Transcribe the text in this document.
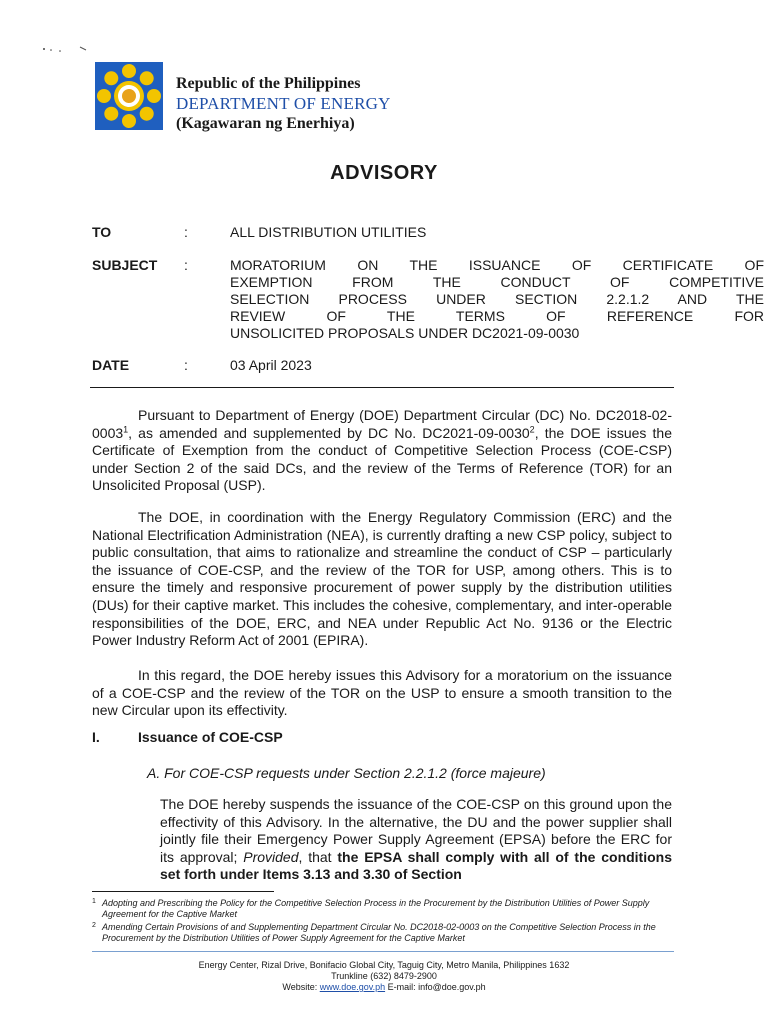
Republic of the Philippines
DEPARTMENT OF ENERGY
(Kagawaran ng Enerhiya)
ADVISORY
TO	:	ALL DISTRIBUTION UTILITIES
SUBJECT	:	MORATORIUM ON THE ISSUANCE OF CERTIFICATE OF
EXEMPTION FROM THE CONDUCT OF COMPETITIVE
SELECTION PROCESS UNDER SECTION 2.2.1.2 AND THE
REVIEW OF THE TERMS OF REFERENCE FOR
UNSOLICITED PROPOSALS UNDER DC2021-09-0030
DATE	:	03 April 2023
Pursuant to Department of Energy (DOE) Department Circular (DC) No. DC2018-02-0003$^1$, as amended and supplemented by DC No. DC2021-09-0030$^2$, the DOE issues the Certificate of Exemption from the conduct of Competitive Selection Process (COE-CSP) under Section 2 of the said DCs, and the review of the Terms of Reference (TOR) for an Unsolicited Proposal (USP).
The DOE, in coordination with the Energy Regulatory Commission (ERC) and the National Electrification Administration (NEA), is currently drafting a new CSP policy, subject to public consultation, that aims to rationalize and streamline the conduct of CSP – particularly the issuance of COE-CSP, and the review of the TOR for USP, among others. This is to ensure the timely and responsive procurement of power supply by the distribution utilities (DUs) for their captive market. This includes the cohesive, complementary, and inter-operable responsibilities of the DOE, ERC, and NEA under Republic Act No. 9136 or the Electric Power Industry Reform Act of 2001 (EPIRA).
In this regard, the DOE hereby issues this Advisory for a moratorium on the issuance of a COE-CSP and the review of the TOR on the USP to ensure a smooth transition to the new Circular upon its effectivity.
I.	Issuance of COE-CSP
A. For COE-CSP requests under Section 2.2.1.2 (force majeure)
The DOE hereby suspends the issuance of the COE-CSP on this ground upon the effectivity of this Advisory. In the alternative, the DU and the power supplier shall jointly file their Emergency Power Supply Agreement (EPSA) before the ERC for its approval; Provided, that the EPSA shall comply with all of the conditions set forth under Items 3.13 and 3.30 of Section
1 Adopting and Prescribing the Policy for the Competitive Selection Process in the Procurement by the Distribution Utilities of Power Supply Agreement for the Captive Market
2 Amending Certain Provisions of and Supplementing Department Circular No. DC2018-02-0003 on the Competitive Selection Process in the Procurement by the Distribution Utilities of Power Supply Agreement for the Captive Market
Energy Center, Rizal Drive, Bonifacio Global City, Taguig City, Metro Manila, Philippines 1632
Trunkline (632) 8479-2900
Website: www.doe.gov.ph E-mail: info@doe.gov.ph
